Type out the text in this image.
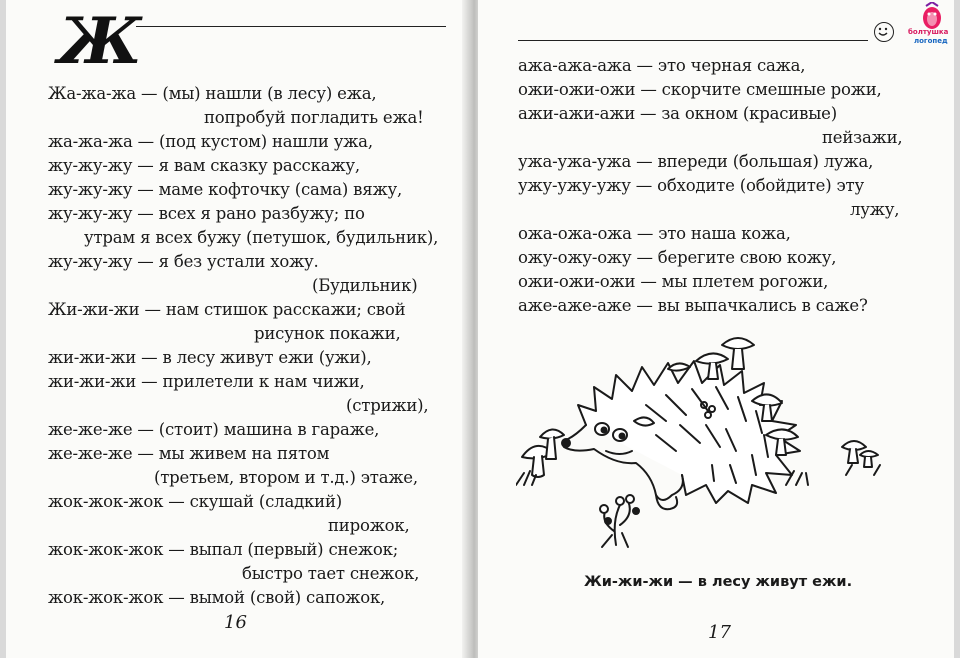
Ж
Жа-жа-жа — (мы) нашли (в лесу) ежа,
попробуй погладить ежа!
жа-жа-жа — (под кустом) нашли ужа,
жу-жу-жу — я вам сказку расскажу,
жу-жу-жу — маме кофточку (сама) вяжу,
жу-жу-жу — всех я рано разбужу; по
утрам я всех бужу (петушок, будильник),
жу-жу-жу — я без устали хожу.
(Будильник)
Жи-жи-жи — нам стишок расскажи; свой
рисунок покажи,
жи-жи-жи — в лесу живут ежи (ужи),
жи-жи-жи — прилетели к нам чижи,
(стрижи),
же-же-же — (стоит) машина в гараже,
же-же-же — мы живем на пятом
(третьем, втором и т.д.) этаже,
жок-жок-жок — скушай (сладкий)
пирожок,
жок-жок-жок — выпал (первый) снежок;
быстро тает снежок,
жок-жок-жок — вымой (свой) сапожок,
16
болтушка
логопед
ажа-ажа-ажа — это черная сажа,
ожи-ожи-ожи — скорчите смешные рожи,
ажи-ажи-ажи — за окном (красивые)
пейзажи,
ужа-ужа-ужа — впереди (большая) лужа,
ужу-ужу-ужу — обходите (обойдите) эту
лужу,
ожа-ожа-ожа — это наша кожа,
ожу-ожу-ожу — берегите свою кожу,
ожи-ожи-ожи — мы плетем рогожи,
аже-аже-аже — вы выпачкались в саже?
Жи-жи-жи — в лесу живут ежи.
17
